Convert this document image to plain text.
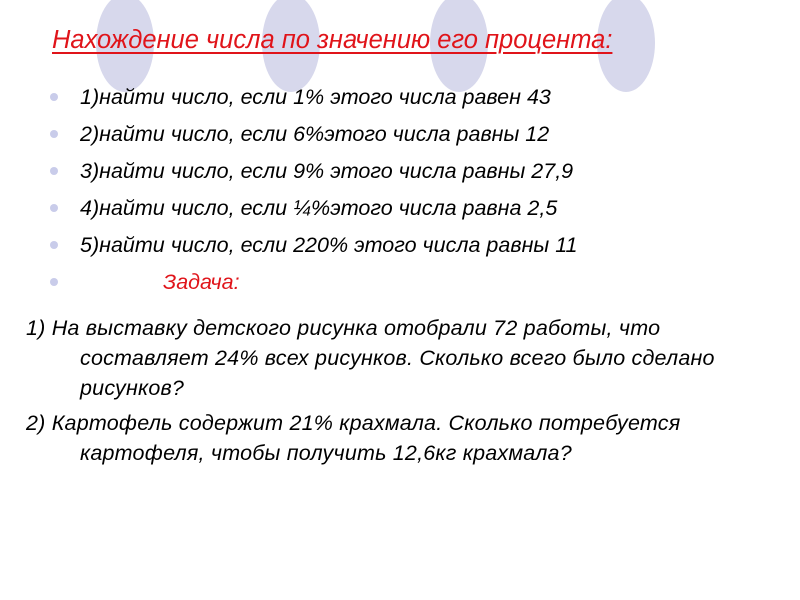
Нахождение числа по значению его процента:
1)найти число, если 1% этого числа равен 43
2)найти число, если 6%этого числа равны 12
3)найти число, если 9% этого числа равны 27,9
4)найти число, если ¼%этого числа равна 2,5
5)найти число, если 220% этого числа равны 11
Задача:

1) На выставку детского рисунка отобрали 72 работы, что составляет 24% всех рисунков. Сколько всего было сделано рисунков?

2) Картофель содержит 21% крахмала. Сколько потребуется картофеля, чтобы получить 12,6кг крахмала?
